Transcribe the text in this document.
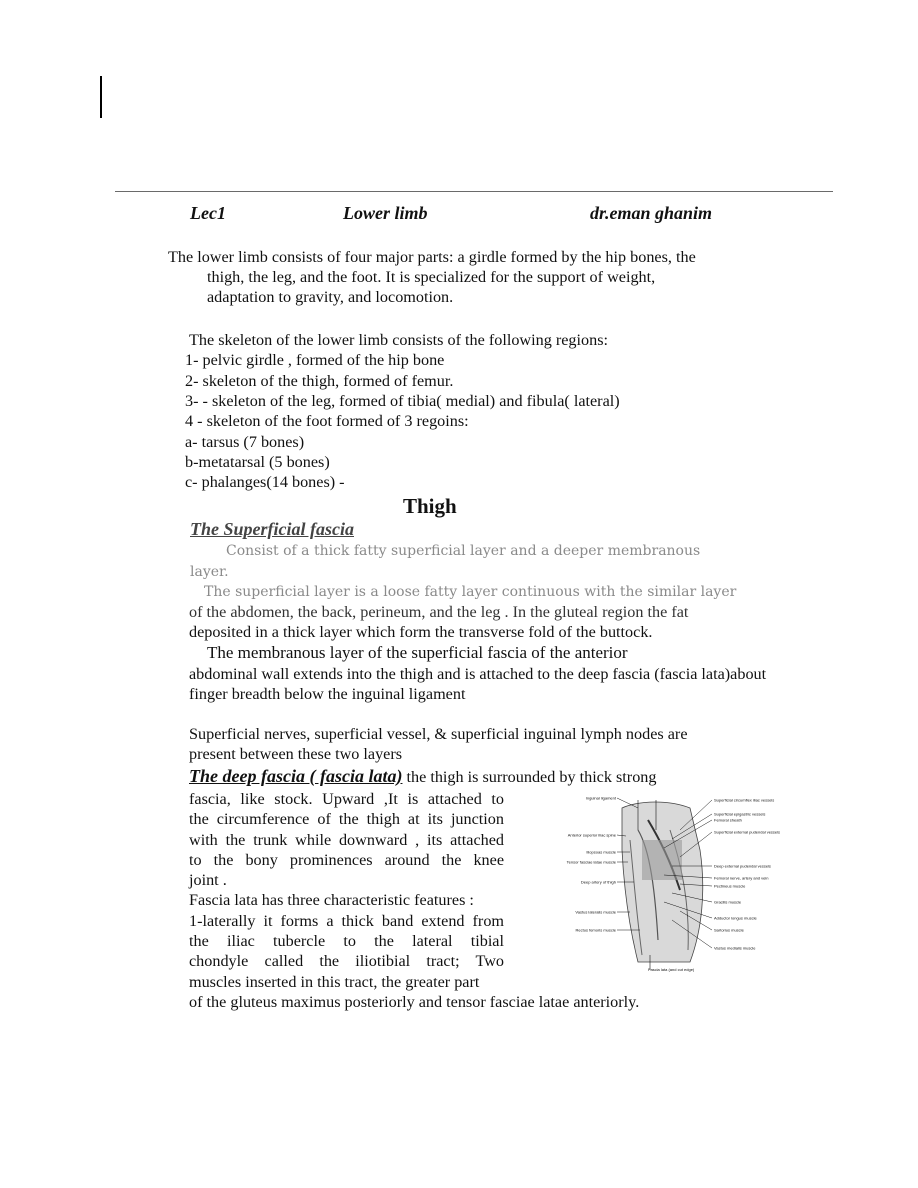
Lec1	Lower limb	dr.eman ghanim
The lower limb consists of four major parts: a girdle formed by the hip bones, the
thigh, the leg, and the foot. It is specialized for the support of weight,
adaptation to gravity, and locomotion.
The skeleton of the lower limb consists of the following regions:
1- pelvic girdle , formed of the hip bone
2- skeleton of the thigh, formed of femur.
3- - skeleton of the leg, formed of tibia( medial) and fibula( lateral)
4 - skeleton of the foot formed of 3 regoins:
a- tarsus (7 bones)
b-metatarsal (5 bones)
c- phalanges(14 bones) -
Thigh
The Superficial fascia
Consist of a thick fatty superficial layer and a deeper membranous
layer.
The superficial layer is a loose fatty layer continuous with the similar layer
of the abdomen, the back, perineum, and the leg . In the gluteal region the fat
deposited in a thick layer which form the transverse fold of the buttock.
The membranous layer of the superficial fascia of the anterior
abdominal wall extends into the thigh and is attached to the deep fascia (fascia lata)about
finger breadth below the inguinal ligament
Superficial nerves, superficial vessel, & superficial inguinal lymph nodes are
present between these two layers
The deep fascia ( fascia lata) the thigh is surrounded by thick strong
fascia, like stock. Upward ,It is attached to
the circumference of the thigh at its junction
with the trunk while downward , its attached
to the bony prominences around the knee
joint .
Fascia lata has three characteristic features :
1-laterally it forms a thick band extend from
the iliac tubercle to the lateral tibial
chondyle called the iliotibial tract; Two
muscles inserted in this tract, the greater part
of the gluteus maximus posteriorly and tensor fasciae latae anteriorly.
Inguinal ligament
Anterior superior iliac spine
Iliopsoas muscle
Tensor fasciae latae muscle
Deep artery of thigh
Vastus lateralis muscle
Rectus femoris muscle
Superficial circumflex iliac vessels
Superficial epigastric vessels
Femoral sheath
Superficial external pudendal vessels
Deep external pudendal vessels
Femoral nerve, artery and vein
Pectineus muscle
Gracilis muscle
Adductor longus muscle
Sartorius muscle
Vastus medialis muscle
Fascia lata (and cut edge)
